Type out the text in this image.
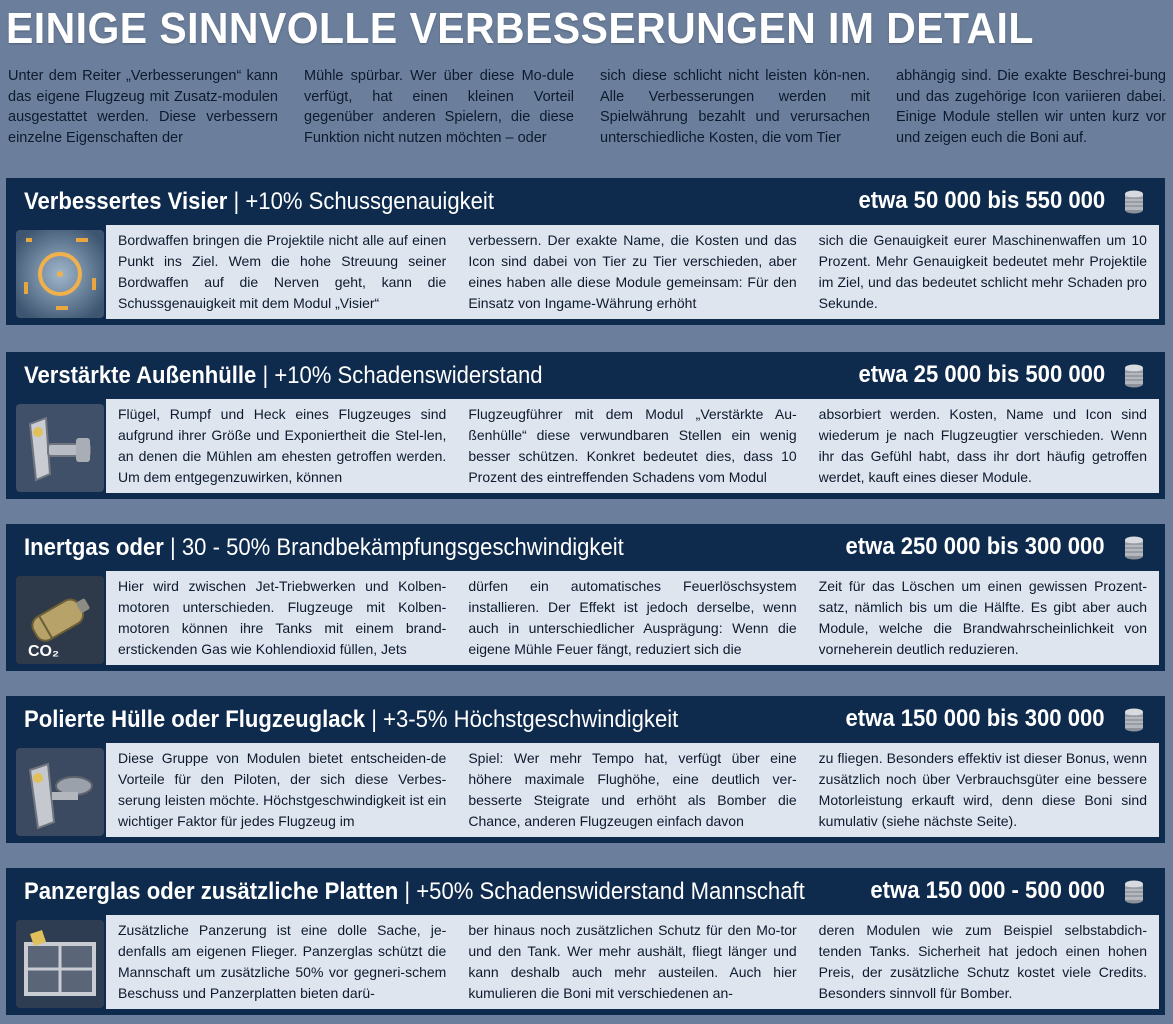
EINIGE SINNVOLLE VERBESSERUNGEN IM DETAIL
Unter dem Reiter „Verbesserungen“ kann das eigene Flugzeug mit Zusatz-modulen ausgestattet werden. Diese verbessern einzelne Eigenschaften der
Mühle spürbar. Wer über diese Mo-dule verfügt, hat einen kleinen Vorteil gegenüber anderen Spielern, die diese Funktion nicht nutzen möchten – oder
sich diese schlicht nicht leisten kön-nen. Alle Verbesserungen werden mit Spielwährung bezahlt und verursachen unterschiedliche Kosten, die vom Tier
abhängig sind. Die exakte Beschrei-bung und das zugehörige Icon variieren dabei. Einige Module stellen wir unten kurz vor und zeigen euch die Boni auf.
Verbessertes Visier | +10% Schussgenauigkeit	etwa 50 000 bis 550 000
Bordwaffen bringen die Projektile nicht alle auf einen Punkt ins Ziel. Wem die hohe Streuung seiner Bordwaffen auf die Nerven geht, kann die Schussgenauigkeit mit dem Modul „Visier“
verbessern. Der exakte Name, die Kosten und das Icon sind dabei von Tier zu Tier verschieden, aber eines haben alle diese Module gemeinsam: Für den Einsatz von Ingame-Währung erhöht
sich die Genauigkeit eurer Maschinenwaffen um 10 Prozent. Mehr Genauigkeit bedeutet mehr Projektile im Ziel, und das bedeutet schlicht mehr Schaden pro Sekunde.
Verstärkte Außenhülle | +10% Schadenswiderstand	etwa 25 000 bis 500 000
Flügel, Rumpf und Heck eines Flugzeuges sind aufgrund ihrer Größe und Exponiertheit die Stel-len, an denen die Mühlen am ehesten getroffen werden. Um dem entgegenzuwirken, können
Flugzeugführer mit dem Modul „Verstärkte Au-ßenhülle“ diese verwundbaren Stellen ein wenig besser schützen. Konkret bedeutet dies, dass 10 Prozent des eintreffenden Schadens vom Modul
absorbiert werden. Kosten, Name und Icon sind wiederum je nach Flugzeugtier verschieden. Wenn ihr das Gefühl habt, dass ihr dort häufig getroffen werdet, kauft eines dieser Module.
Inertgas oder | 30 - 50% Brandbekämpfungsgeschwindigkeit	etwa 250 000 bis 300 000
CO₂
Hier wird zwischen Jet-Triebwerken und Kolben-motoren unterschieden. Flugzeuge mit Kolben-motoren können ihre Tanks mit einem brand-erstickenden Gas wie Kohlendioxid füllen, Jets
dürfen ein automatisches Feuerlöschsystem installieren. Der Effekt ist jedoch derselbe, wenn auch in unterschiedlicher Ausprägung: Wenn die eigene Mühle Feuer fängt, reduziert sich die
Zeit für das Löschen um einen gewissen Prozent-satz, nämlich bis um die Hälfte. Es gibt aber auch Module, welche die Brandwahrscheinlichkeit von vorneherein deutlich reduzieren.
Polierte Hülle oder Flugzeuglack | +3-5% Höchstgeschwindigkeit	etwa 150 000 bis 300 000
Diese Gruppe von Modulen bietet entscheiden-de Vorteile für den Piloten, der sich diese Verbes-serung leisten möchte. Höchstgeschwindigkeit ist ein wichtiger Faktor für jedes Flugzeug im
Spiel: Wer mehr Tempo hat, verfügt über eine höhere maximale Flughöhe, eine deutlich ver-besserte Steigrate und erhöht als Bomber die Chance, anderen Flugzeugen einfach davon
zu fliegen. Besonders effektiv ist dieser Bonus, wenn zusätzlich noch über Verbrauchsgüter eine bessere Motorleistung erkauft wird, denn diese Boni sind kumulativ (siehe nächste Seite).
Panzerglas oder zusätzliche Platten | +50% Schadenswiderstand Mannschaft	etwa 150 000 - 500 000
Zusätzliche Panzerung ist eine dolle Sache, je-denfalls am eigenen Flieger. Panzerglas schützt die Mannschaft um zusätzliche 50% vor gegneri-schem Beschuss und Panzerplatten bieten darü-
ber hinaus noch zusätzlichen Schutz für den Mo-tor und den Tank. Wer mehr aushält, fliegt länger und kann deshalb auch mehr austeilen. Auch hier kumulieren die Boni mit verschiedenen an-
deren Modulen wie zum Beispiel selbstabdich-tenden Tanks. Sicherheit hat jedoch einen hohen Preis, der zusätzliche Schutz kostet viele Credits. Besonders sinnvoll für Bomber.
